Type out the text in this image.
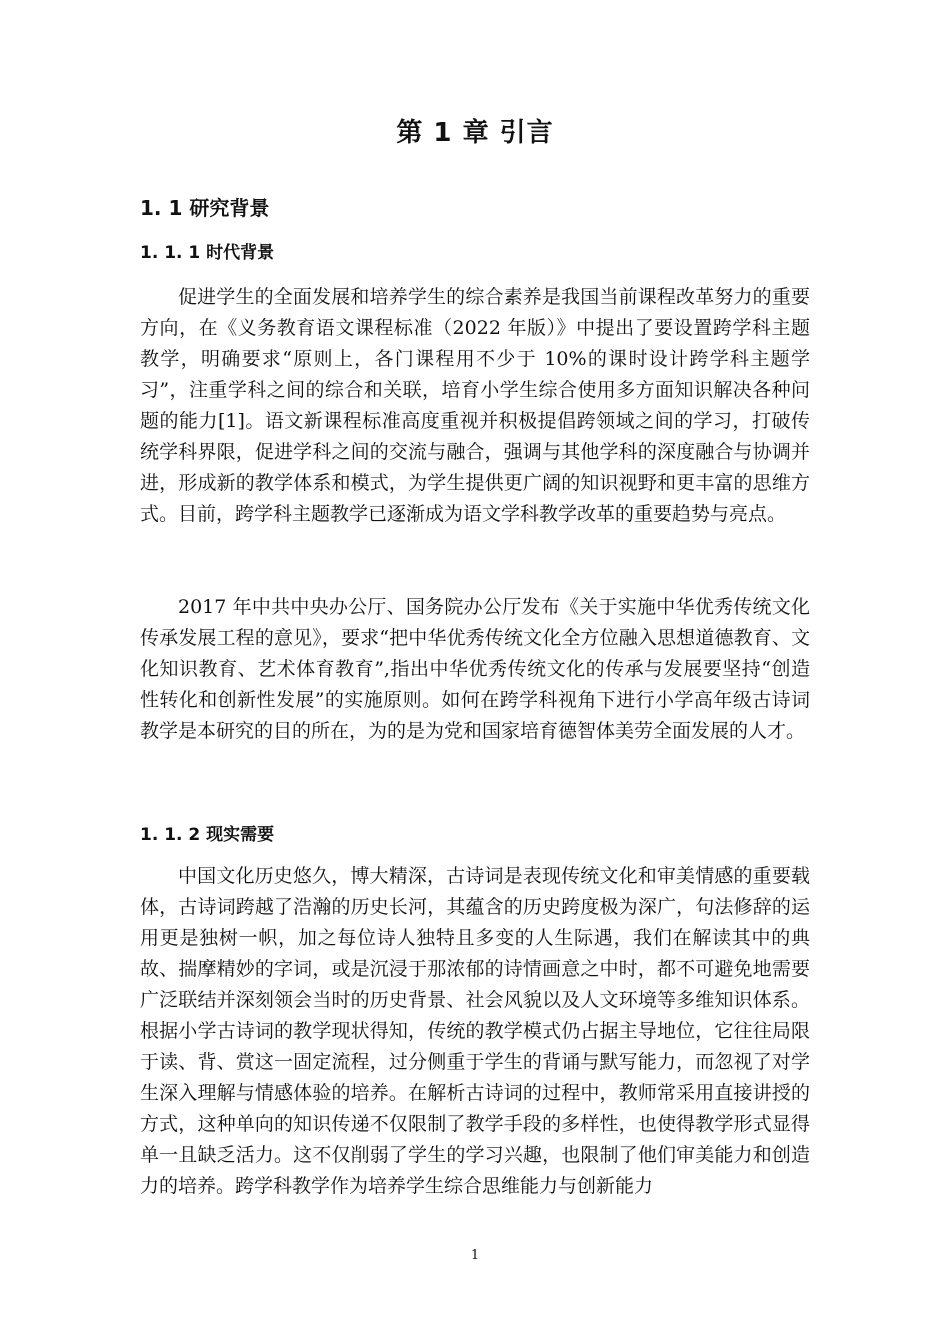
第 1 章 引言
1. 1 研究背景
1. 1. 1 时代背景

促进学生的全面发展和培养学生的综合素养是我国当前课程改革努力的重要方向，在《义务教育语文课程标准（2022 年版）》中提出了要设置跨学科主题教学，明确要求“原则上，各门课程用不少于 10%的课时设计跨学科主题学习”，注重学科之间的综合和关联，培育小学生综合使用多方面知识解决各种问题的能力[1]。语文新课程标准高度重视并积极提倡跨领域之间的学习，打破传统学科界限，促进学科之间的交流与融合，强调与其他学科的深度融合与协调并进，形成新的教学体系和模式，为学生提供更广阔的知识视野和更丰富的思维方式。目前，跨学科主题教学已逐渐成为语文学科教学改革的重要趋势与亮点。

2017 年中共中央办公厅、国务院办公厅发布《关于实施中华优秀传统文化传承发展工程的意见》，要求“把中华优秀传统文化全方位融入思想道德教育、文化知识教育、艺术体育教育”,指出中华优秀传统文化的传承与发展要坚持“创造性转化和创新性发展”的实施原则。如何在跨学科视角下进行小学高年级古诗词教学是本研究的目的所在，为的是为党和国家培育德智体美劳全面发展的人才。

1. 1. 2 现实需要

中国文化历史悠久，博大精深，古诗词是表现传统文化和审美情感的重要载体，古诗词跨越了浩瀚的历史长河，其蕴含的历史跨度极为深广，句法修辞的运用更是独树一帜，加之每位诗人独特且多变的人生际遇，我们在解读其中的典故、揣摩精妙的字词，或是沉浸于那浓郁的诗情画意之中时，都不可避免地需要广泛联结并深刻领会当时的历史背景、社会风貌以及人文环境等多维知识体系。根据小学古诗词的教学现状得知，传统的教学模式仍占据主导地位，它往往局限于读、背、赏这一固定流程，过分侧重于学生的背诵与默写能力，而忽视了对学生深入理解与情感体验的培养。在解析古诗词的过程中，教师常采用直接讲授的方式，这种单向的知识传递不仅限制了教学手段的多样性，也使得教学形式显得单一且缺乏活力。这不仅削弱了学生的学习兴趣，也限制了他们审美能力和创造力的培养。跨学科教学作为培养学生综合思维能力与创新能力

1
